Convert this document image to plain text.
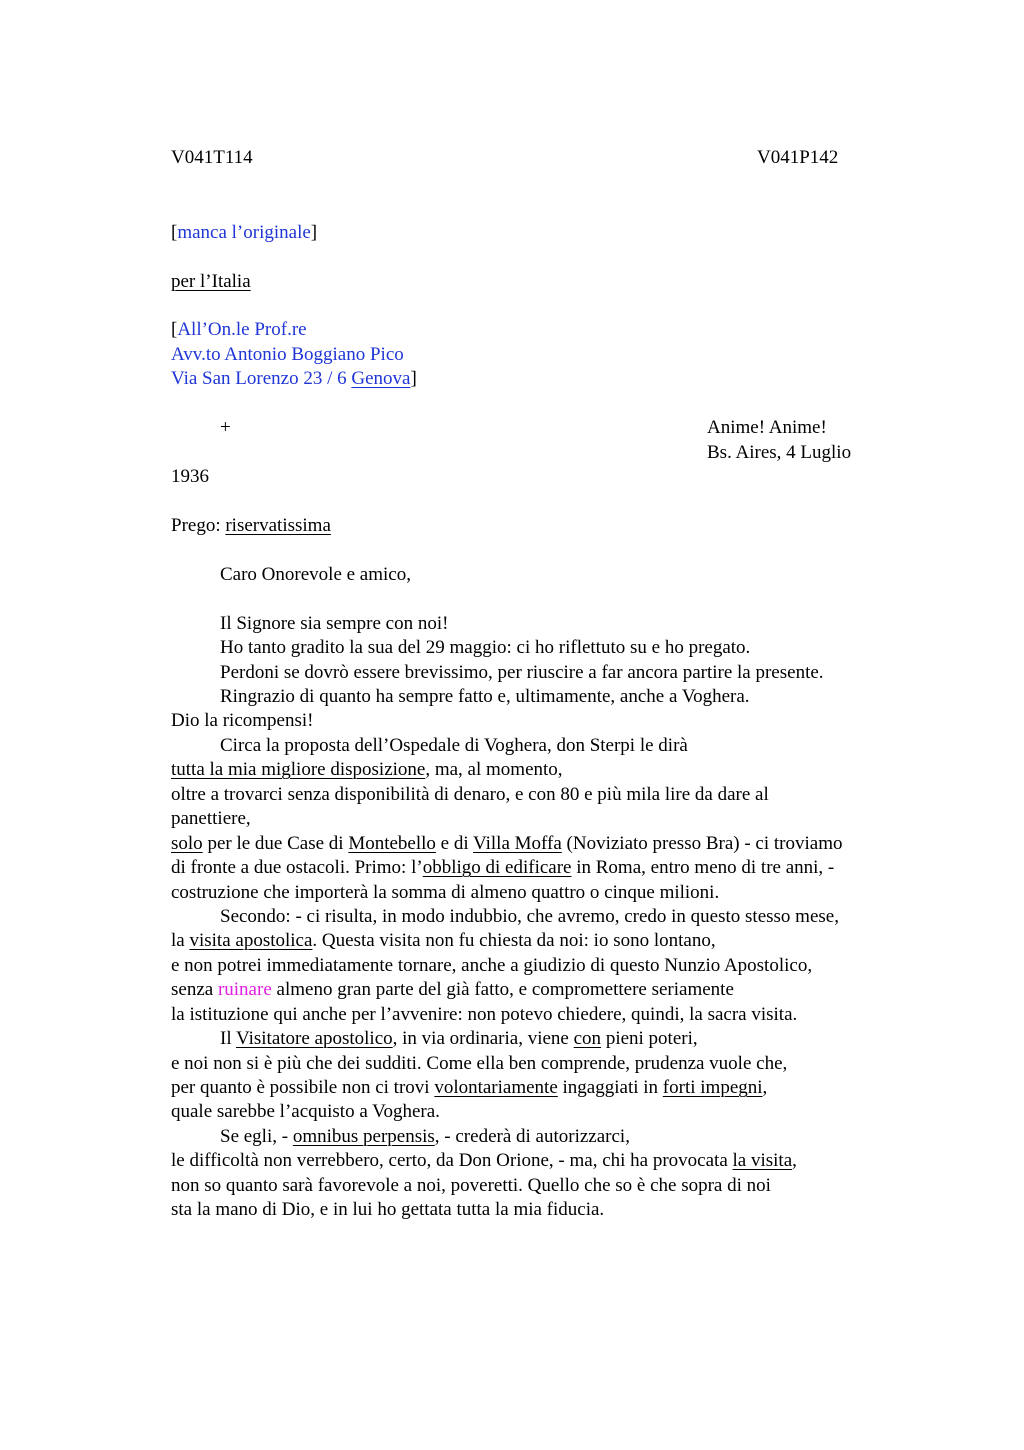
V041T114	V041P142
[manca l’originale]
per l’Italia
[All’On.le Prof.re
Avv.to Antonio Boggiano Pico
Via San Lorenzo 23 / 6 Genova]
+	Anime! Anime!
Bs. Aires, 4 Luglio
1936
Prego: riservatissima
Caro Onorevole e amico,
Il Signore sia sempre con noi!
Ho tanto gradito la sua del 29 maggio: ci ho riflettuto su e ho pregato.
Perdoni se dovrò essere brevissimo, per riuscire a far ancora partire la presente.
Ringrazio di quanto ha sempre fatto e, ultimamente, anche a Voghera.
Dio la ricompensi!
Circa la proposta dell’Ospedale di Voghera, don Sterpi le dirà
tutta la mia migliore disposizione, ma, al momento,
oltre a trovarci senza disponibilità di denaro, e con 80 e più mila lire da dare al
panettiere,
solo per le due Case di Montebello e di Villa Moffa (Noviziato presso Bra) - ci troviamo
di fronte a due ostacoli. Primo: l’obbligo di edificare in Roma, entro meno di tre anni, -
costruzione che importerà la somma di almeno quattro o cinque milioni.
Secondo: - ci risulta, in modo indubbio, che avremo, credo in questo stesso mese,
la visita apostolica. Questa visita non fu chiesta da noi: io sono lontano,
e non potrei immediatamente tornare, anche a giudizio di questo Nunzio Apostolico,
senza ruinare almeno gran parte del già fatto, e compromettere seriamente
la istituzione qui anche per l’avvenire: non potevo chiedere, quindi, la sacra visita.
Il Visitatore apostolico, in via ordinaria, viene con pieni poteri,
e noi non si è più che dei sudditi. Come ella ben comprende, prudenza vuole che,
per quanto è possibile non ci trovi volontariamente ingaggiati in forti impegni,
quale sarebbe l’acquisto a Voghera.
Se egli, - omnibus perpensis, - crederà di autorizzarci,
le difficoltà non verrebbero, certo, da Don Orione, - ma, chi ha provocata la visita,
non so quanto sarà favorevole a noi, poveretti. Quello che so è che sopra di noi
sta la mano di Dio, e in lui ho gettata tutta la mia fiducia.
